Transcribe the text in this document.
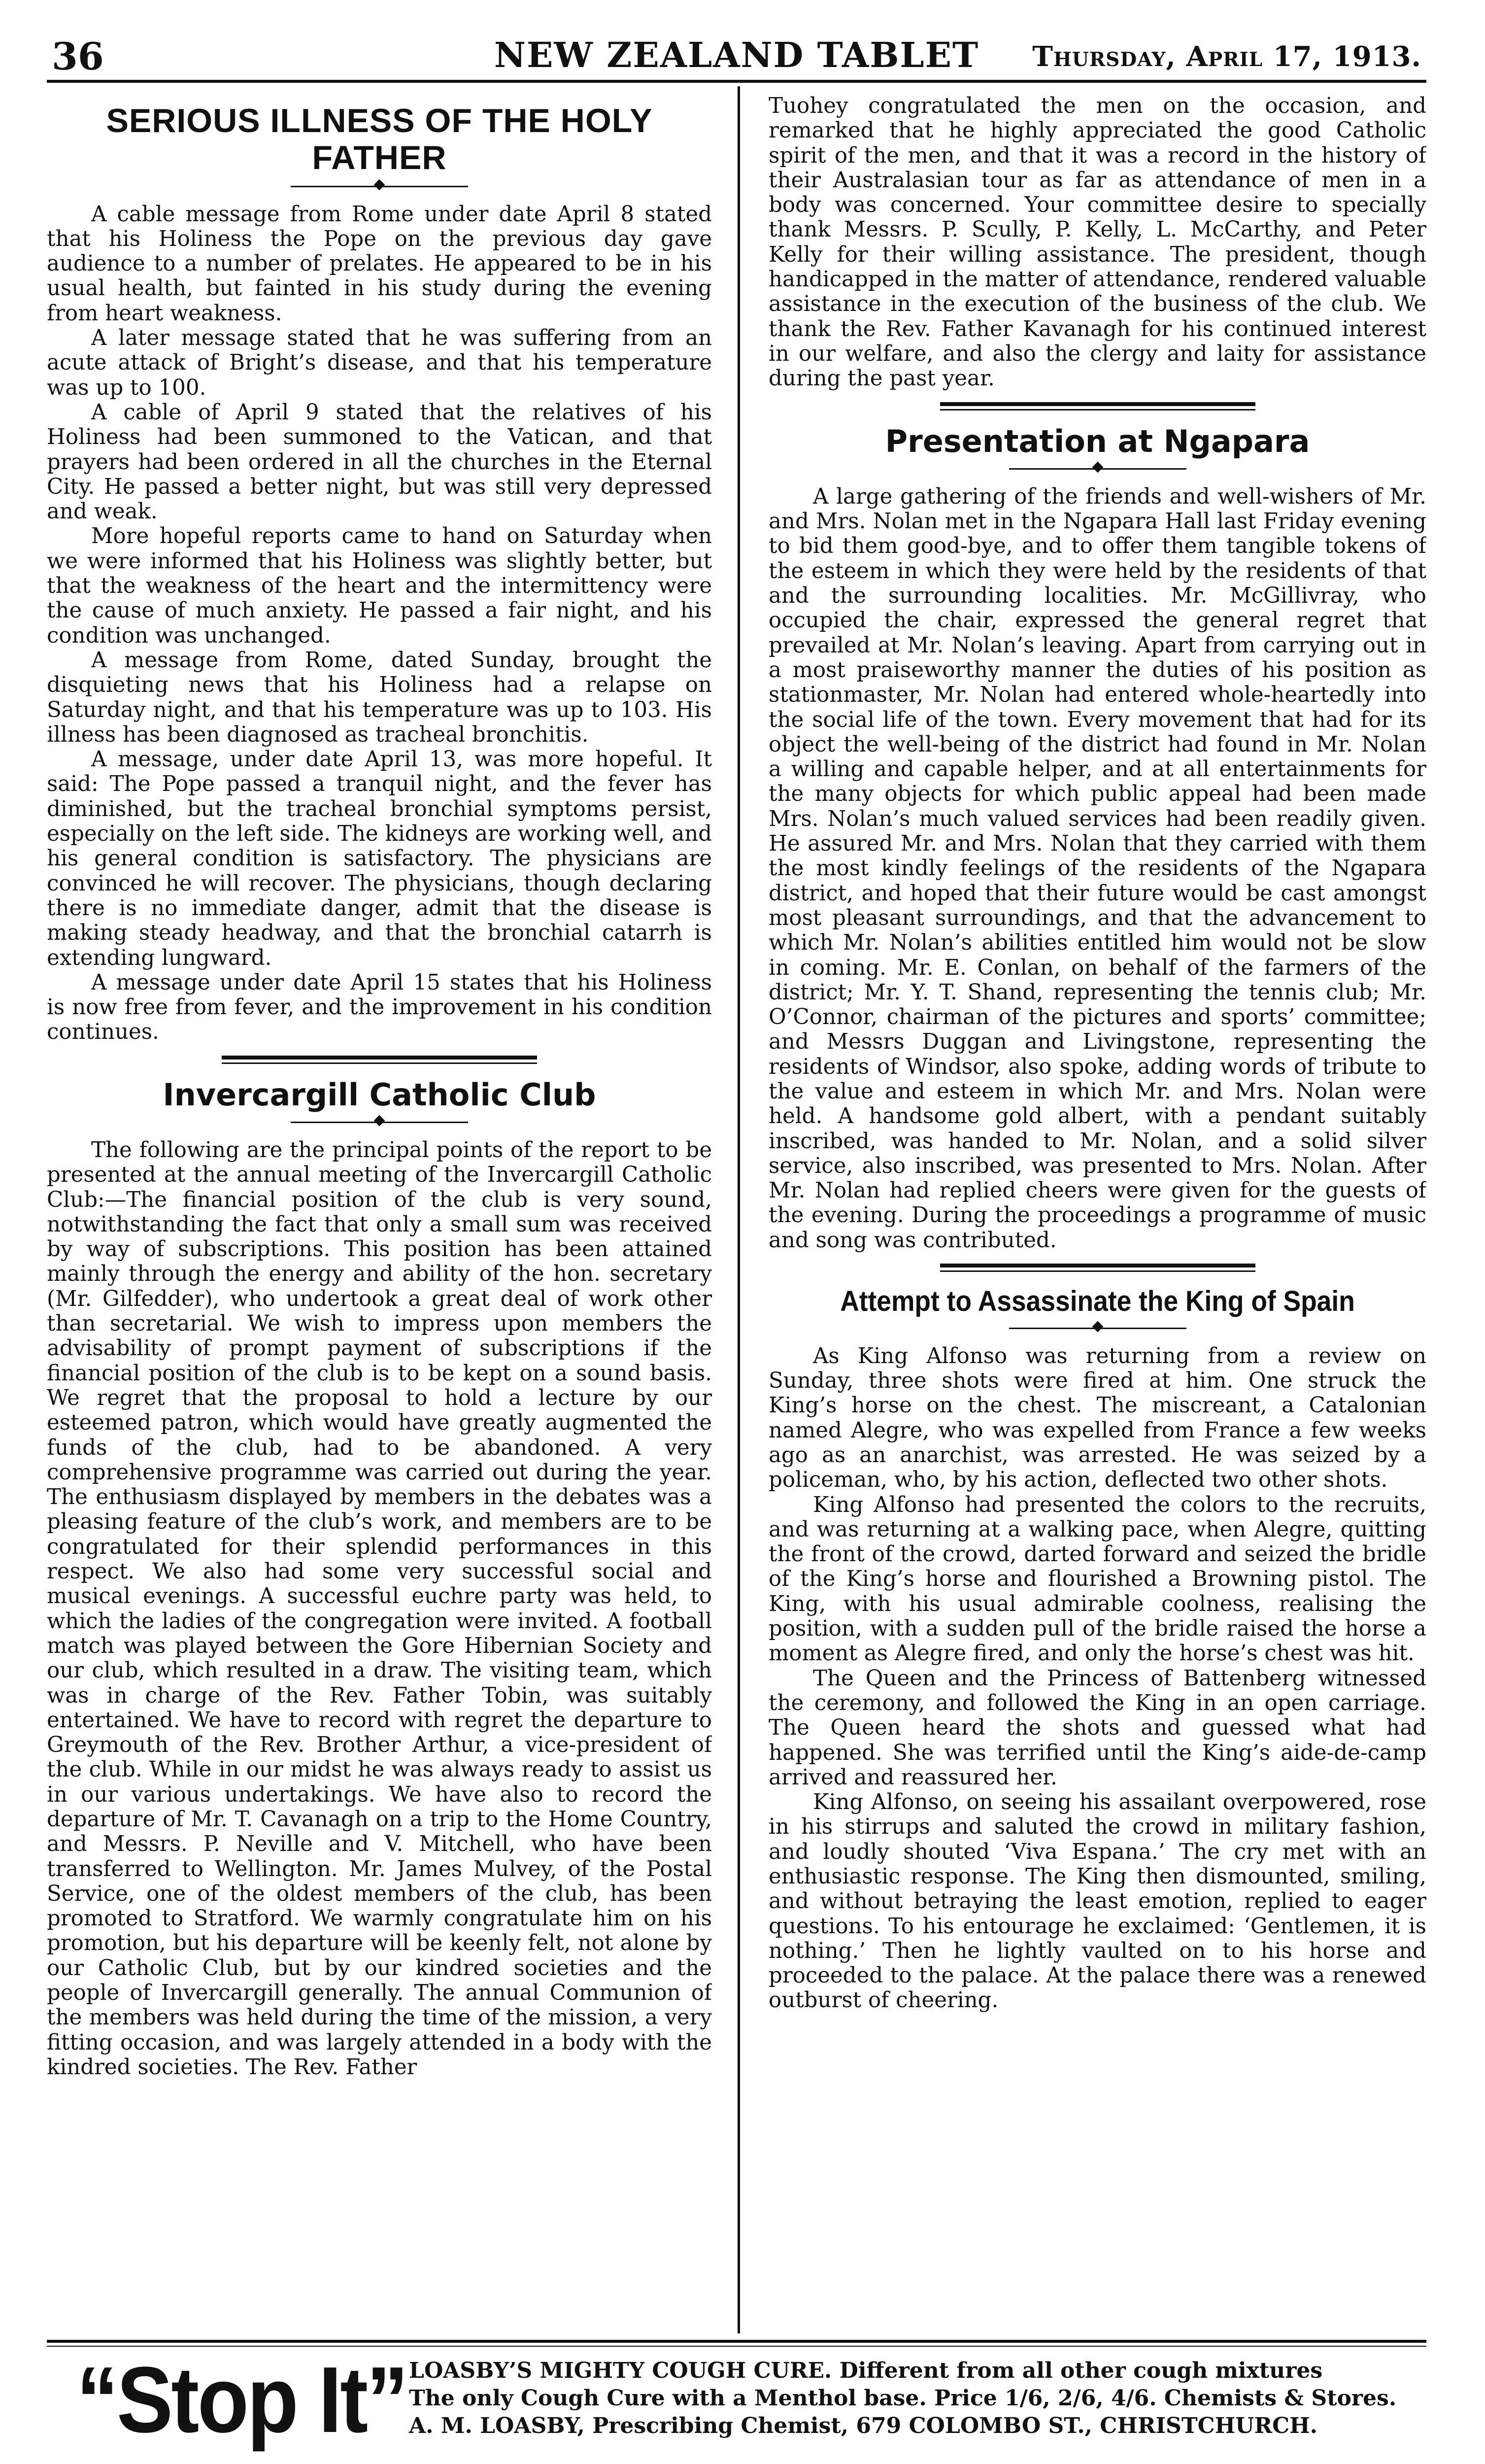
36	NEW ZEALAND TABLET	Thursday, April 17, 1913.
SERIOUS ILLNESS OF THE HOLY FATHER

A cable message from Rome under date April 8 stated that his Holiness the Pope on the previous day gave audience to a number of prelates. He appeared to be in his usual health, but fainted in his study during the evening from heart weakness.

A later message stated that he was suffering from an acute attack of Bright’s disease, and that his temperature was up to 100.

A cable of April 9 stated that the relatives of his Holiness had been summoned to the Vatican, and that prayers had been ordered in all the churches in the Eternal City. He passed a better night, but was still very depressed and weak.

More hopeful reports came to hand on Saturday when we were informed that his Holiness was slightly better, but that the weakness of the heart and the intermittency were the cause of much anxiety. He passed a fair night, and his condition was unchanged.

A message from Rome, dated Sunday, brought the disquieting news that his Holiness had a relapse on Saturday night, and that his temperature was up to 103. His illness has been diagnosed as tracheal bronchitis.

A message, under date April 13, was more hopeful. It said: The Pope passed a tranquil night, and the fever has diminished, but the tracheal bronchial symptoms persist, especially on the left side. The kidneys are working well, and his general condition is satisfactory. The physicians are convinced he will recover. The physicians, though declaring there is no immediate danger, admit that the disease is making steady headway, and that the bronchial catarrh is extending lungward.

A message under date April 15 states that his Holiness is now free from fever, and the improvement in his condition continues.

Invercargill Catholic Club

The following are the principal points of the report to be presented at the annual meeting of the Invercargill Catholic Club:—The financial position of the club is very sound, notwithstanding the fact that only a small sum was received by way of subscriptions. This position has been attained mainly through the energy and ability of the hon. secretary (Mr. Gilfedder), who undertook a great deal of work other than secretarial. We wish to impress upon members the advisability of prompt payment of subscriptions if the financial position of the club is to be kept on a sound basis. We regret that the proposal to hold a lecture by our esteemed patron, which would have greatly augmented the funds of the club, had to be abandoned. A very comprehensive programme was carried out during the year. The enthusiasm displayed by members in the debates was a pleasing feature of the club’s work, and members are to be congratulated for their splendid performances in this respect. We also had some very successful social and musical evenings. A successful euchre party was held, to which the ladies of the congregation were invited. A football match was played between the Gore Hibernian Society and our club, which resulted in a draw. The visiting team, which was in charge of the Rev. Father Tobin, was suitably entertained. We have to record with regret the departure to Greymouth of the Rev. Brother Arthur, a vice-president of the club. While in our midst he was always ready to assist us in our various undertakings. We have also to record the departure of Mr. T. Cavanagh on a trip to the Home Country, and Messrs. P. Neville and V. Mitchell, who have been transferred to Wellington. Mr. James Mulvey, of the Postal Service, one of the oldest members of the club, has been promoted to Stratford. We warmly congratulate him on his promotion, but his departure will be keenly felt, not alone by our Catholic Club, but by our kindred societies and the people of Invercargill generally. The annual Communion of the members was held during the time of the mission, a very fitting occasion, and was largely attended in a body with the kindred societies. The Rev. Father

Tuohey congratulated the men on the occasion, and remarked that he highly appreciated the good Catholic spirit of the men, and that it was a record in the history of their Australasian tour as far as attendance of men in a body was concerned. Your committee desire to specially thank Messrs. P. Scully, P. Kelly, L. McCarthy, and Peter Kelly for their willing assistance. The president, though handicapped in the matter of attendance, rendered valuable assistance in the execution of the business of the club. We thank the Rev. Father Kavanagh for his continued interest in our welfare, and also the clergy and laity for assistance during the past year.

Presentation at Ngapara

A large gathering of the friends and well-wishers of Mr. and Mrs. Nolan met in the Ngapara Hall last Friday evening to bid them good-bye, and to offer them tangible tokens of the esteem in which they were held by the residents of that and the surrounding localities. Mr. McGillivray, who occupied the chair, expressed the general regret that prevailed at Mr. Nolan’s leaving. Apart from carrying out in a most praiseworthy manner the duties of his position as stationmaster, Mr. Nolan had entered whole-heartedly into the social life of the town. Every movement that had for its object the well-being of the district had found in Mr. Nolan a willing and capable helper, and at all entertainments for the many objects for which public appeal had been made Mrs. Nolan’s much valued services had been readily given. He assured Mr. and Mrs. Nolan that they carried with them the most kindly feelings of the residents of the Ngapara district, and hoped that their future would be cast amongst most pleasant surroundings, and that the advancement to which Mr. Nolan’s abilities entitled him would not be slow in coming. Mr. E. Conlan, on behalf of the farmers of the district; Mr. Y. T. Shand, representing the tennis club; Mr. O’Connor, chairman of the pictures and sports’ committee; and Messrs Duggan and Livingstone, representing the residents of Windsor, also spoke, adding words of tribute to the value and esteem in which Mr. and Mrs. Nolan were held. A handsome gold albert, with a pendant suitably inscribed, was handed to Mr. Nolan, and a solid silver service, also inscribed, was presented to Mrs. Nolan. After Mr. Nolan had replied cheers were given for the guests of the evening. During the proceedings a programme of music and song was contributed.

Attempt to Assassinate the King of Spain

As King Alfonso was returning from a review on Sunday, three shots were fired at him. One struck the King’s horse on the chest. The miscreant, a Catalonian named Alegre, who was expelled from France a few weeks ago as an anarchist, was arrested. He was seized by a policeman, who, by his action, deflected two other shots.

King Alfonso had presented the colors to the recruits, and was returning at a walking pace, when Alegre, quitting the front of the crowd, darted forward and seized the bridle of the King’s horse and flourished a Browning pistol. The King, with his usual admirable coolness, realising the position, with a sudden pull of the bridle raised the horse a moment as Alegre fired, and only the horse’s chest was hit.

The Queen and the Princess of Battenberg witnessed the ceremony, and followed the King in an open carriage. The Queen heard the shots and guessed what had happened. She was terrified until the King’s aide-de-camp arrived and reassured her.

King Alfonso, on seeing his assailant overpowered, rose in his stirrups and saluted the crowd in military fashion, and loudly shouted ‘Viva Espana.’ The cry met with an enthusiastic response. The King then dismounted, smiling, and without betraying the least emotion, replied to eager questions. To his entourage he exclaimed: ‘Gentlemen, it is nothing.’ Then he lightly vaulted on to his horse and proceeded to the palace. At the palace there was a renewed outburst of cheering.

“Stop It” LOASBY’S MIGHTY COUGH CURE. Different from all other cough mixtures
The only Cough Cure with a Menthol base. Price 1/6, 2/6, 4/6. Chemists & Stores.
A. M. LOASBY, Prescribing Chemist, 679 COLOMBO ST., CHRISTCHURCH.
